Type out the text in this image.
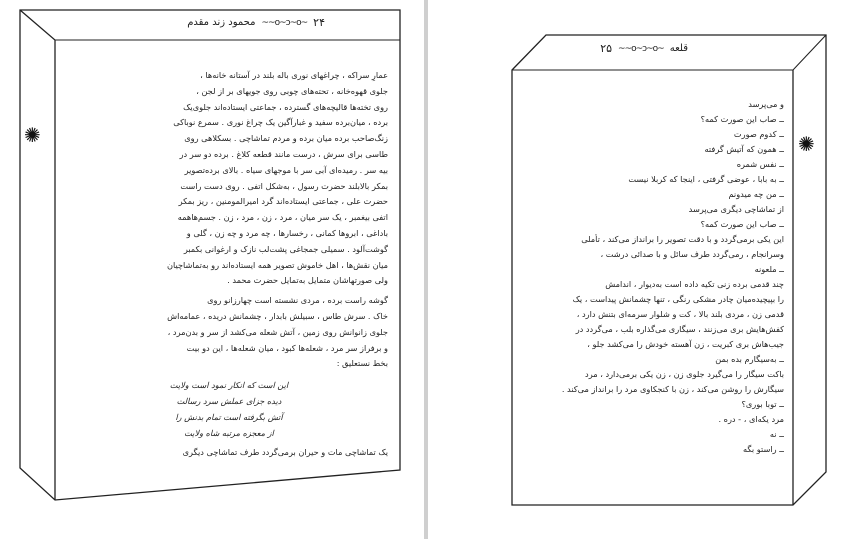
۲۴
~o~ɔ~o~~
محمود زند مقدم
✺
عمارِ سراکه ، چراغهای نوری باله بلند در آستانه خانه‌ها ،
جلوی قهوه‌خانه ، تحته‌های چوبی روی جویهای بر از لجن ،
روی تخته‌ها قالیچه‌های گسترده ، جماعتی ایستاده‌اند جلوی‌یک
برده ، میان‌برده سفید و غبارآگین یک چراغ نوری . سمرع نوباکی
زنگ‌صاحب برده میان برده و مردم تماشاچی . بسکلاهی روی
طاسی برای سرش ، درست مانند قطعه کلاغ . برده دو سر در
بیه سر . رمیده‌ای آبی سر با موجهای سیاه . بالای برده‌تصویر
بمکر بالابلند حضرت رسول ، به‌شکل اتفی . روی دست راست
حضرت علی ، جماعتی ایستاده‌اند گرد امیرالمومنین ، ریز بمکر
اتفی بیغمبر ، یک سر میان ، مرد ، زن ، مرد ، زن . جسم‌هاهمه
باداغی ، ابروها کمانی ، رخسارها ، چه مرد و چه زن ، گلی و
گوشت‌آلود . سمیلی جمجاغی پشت‌لب نازک و ارغوانی بکمبر
میان نقش‌ها ، اهل خاموش تصویر همه ایستاده‌اند رو به‌تماشاچیان
ولی صورتهاشان متمایل به‌تمایل حضرت محمد .
گوشه راست برده ، مردی نشسته است چهارزانو روی
خاک . سرش طاس ، سبیلش بابدار ، چشمانش دریده ، عمامه‌اش
جلوی زانوانش روی زمین ، آتش شعله می‌کشد از سر و بدن‌مرد ،
و برفراز سر مرد ، شعله‌ها کبود ، میان شعله‌ها ، این دو بیت
بخط نستعلیق :
این است که انکار نمود است ولایت
دیده جزای عملش سرد رسالت
آتش بگرفته است تمام بدنش را
از معجزه مرتبه شاه ولایت
یک تماشاچی مات و حیران برمی‌گردد طرف تماشاچی دیگری
قلعه
~o~ɔ~o~~
۲۵
✺
و می‌پرسد
ــ صاب این صورت کمه؟
ــ کدوم صورت
ــ همون که آتیش گرفته
ــ نفس شمره
ــ به بابا ، عوضی گرفتی ، اینجا که کربلا نیست
ــ من چه میدونم
از تماشاچی دیگری می‌پرسد
ــ صاب این صورت کمه؟
این یکی برمی‌گردد و با دقت تصویر را برانداز می‌کند ، تأملی
وسرانجام ، رمی‌گردد طرف سائل و با صدائی درشت ،
ــ ملعونه
چند قدمی برده زنی تکیه داده است به‌دیوار ، اندامش
را بپیچیده‌میان چادر مشکی رنگی ، تنها چشمانش پیداست ، یک
قدمی زن ، مردی بلند بالا ، کت و شلوار سرمه‌ای بتنش دارد ،
کفش‌هایش بری می‌زنند ، سیگاری می‌گذاره بلب ، می‌گردد در
جیب‌هاش بری کبریت ، زن آهسته خودش را می‌کشد جلو ،
ــ به‌سیگارم بده بمن
باکت سیگار را می‌گیرد جلوی زن ، زن یکی برمی‌دارد ، مرد
سیگارش را روشن می‌کند ، زن با کنجکاوی مرد را برانداز می‌کند .
ــ توبا بوری؟
مرد یکه‌ای ، - دره .
ــ نه
ــ راستو بگه
